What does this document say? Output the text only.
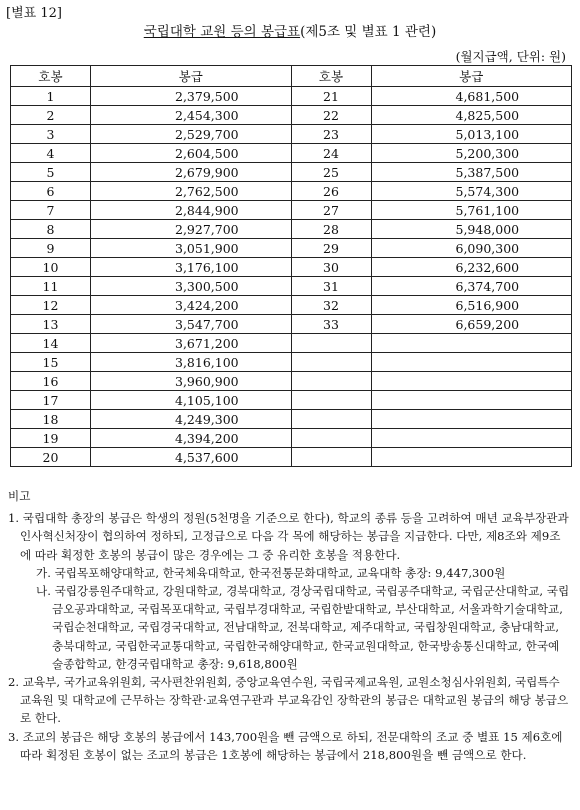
[별표 12]
국립대학 교원 등의 봉급표(제5조 및 별표 1 관련)
(월지급액, 단위: 원)
호봉	봉급	호봉	봉급
1	2,379,500	21	4,681,500
2	2,454,300	22	4,825,500
3	2,529,700	23	5,013,100
4	2,604,500	24	5,200,300
5	2,679,900	25	5,387,500
6	2,762,500	26	5,574,300
7	2,844,900	27	5,761,100
8	2,927,700	28	5,948,000
9	3,051,900	29	6,090,300
10	3,176,100	30	6,232,600
11	3,300,500	31	6,374,700
12	3,424,200	32	6,516,900
13	3,547,700	33	6,659,200
14	3,671,200		
15	3,816,100		
16	3,960,900		
17	4,105,100		
18	4,249,300		
19	4,394,200		
20	4,537,600		

비고

1. 국립대학 총장의 봉급은 학생의 정원(5천명을 기준으로 한다), 학교의 종류 등을 고려하여 매년 교육부장관과 인사혁신처장이 협의하여 정하되, 고정급으로 다음 각 목에 해당하는 봉급을 지급한다. 다만, 제8조와 제9조에 따라 획정한 호봉의 봉급이 많은 경우에는 그 중 유리한 호봉을 적용한다.

가. 국립목포해양대학교, 한국체육대학교, 한국전통문화대학교, 교육대학 총장: 9,447,300원

나. 국립강릉원주대학교, 강원대학교, 경북대학교, 경상국립대학교, 국립공주대학교, 국립군산대학교, 국립금오공과대학교, 국립목포대학교, 국립부경대학교, 국립한밭대학교, 부산대학교, 서울과학기술대학교, 국립순천대학교, 국립경국대학교, 전남대학교, 전북대학교, 제주대학교, 국립창원대학교, 충남대학교, 충북대학교, 국립한국교통대학교, 국립한국해양대학교, 한국교원대학교, 한국방송통신대학교, 한국예술종합학교, 한경국립대학교 총장: 9,618,800원

2. 교육부, 국가교육위원회, 국사편찬위원회, 중앙교육연수원, 국립국제교육원, 교원소청심사위원회, 국립특수교육원 및 대학교에 근무하는 장학관·교육연구관과 부교육감인 장학관의 봉급은 대학교원 봉급의 해당 봉급으로 한다.

3. 조교의 봉급은 해당 호봉의 봉급에서 143,700원을 뺀 금액으로 하되, 전문대학의 조교 중 별표 15 제6호에 따라 획정된 호봉이 없는 조교의 봉급은 1호봉에 해당하는 봉급에서 218,800원을 뺀 금액으로 한다.
